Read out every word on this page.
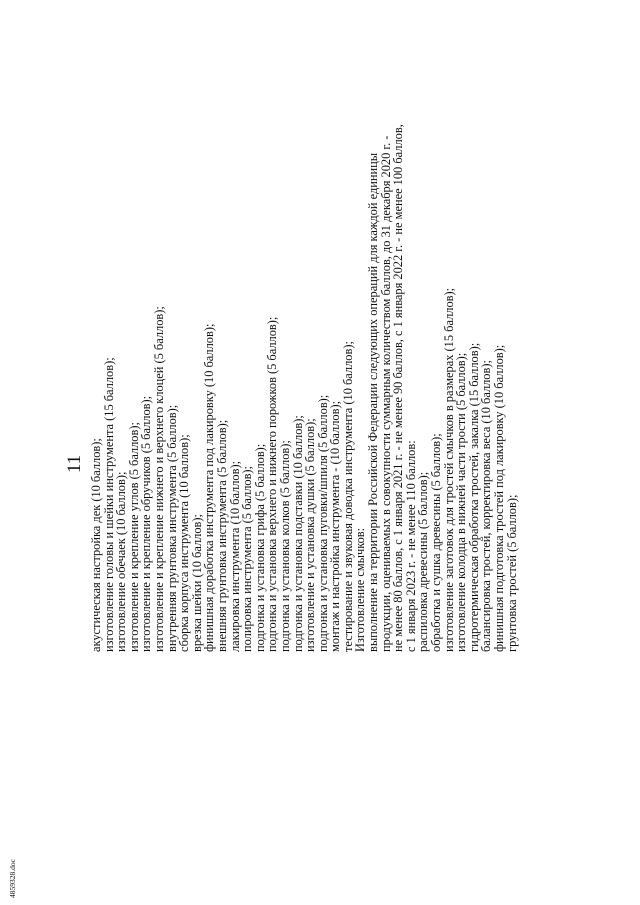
11 акустическая настройка дек (10 баллов);
изготовление головы и шейки инструмента (15 баллов);
изготовление обечаек (10 баллов);
изготовление и крепление углов (5 баллов);
изготовление и крепление обручиков (5 баллов);
изготовление и крепление нижнего и верхнего клоцей (5 баллов);
внутренняя грунтовка инструмента (5 баллов);
сборка корпуса инструмента (10 баллов);
врезка шейки (10 баллов);
финишная доработка инструмента под лакировку (10 баллов);
внешняя грунтовка инструмента (5 баллов);
лакировка инструмента (10 баллов);
полировка инструмента (5 баллов);
подгонка и установка грифа (5 баллов);
подгонка и установка верхнего и нижнего порожков (5 баллов);
подгонка и установка колков (5 баллов);
подгонка и установка подставки (10 баллов);
изготовление и установка душки (5 баллов);
подгонка и установка пуговки/шпиля (5 баллов);
монтаж и настройка инструмента - (10 баллов);
тестирование и звуковая доводка инструмента (10 баллов);
Изготовление смычков:
выполнение на территории Российской Федерации следующих операций для каждой единицы
продукции, оцениваемых в совокупности суммарным количеством баллов, до 31 декабря 2020 г. -
не менее 80 баллов, с 1 января 2021 г. - не менее 90 баллов, с 1 января 2022 г. - не менее 100 баллов,
с 1 января 2023 г. - не менее 110 баллов:
распиловка древесины (5 баллов);
обработка и сушка древесины (5 баллов);
изготовление заготовок для тростей смычков в размерах (15 баллов);
изготовление колодца в нижней части трости (5 баллов);
гидротермическая обработка тростей, закалка (15 баллов);
балансировка тростей, корректировка веса (10 баллов);
финишная подготовка тростей под лакировку (10 баллов);
грунтовка тростей (5 баллов);
4859328.doc
